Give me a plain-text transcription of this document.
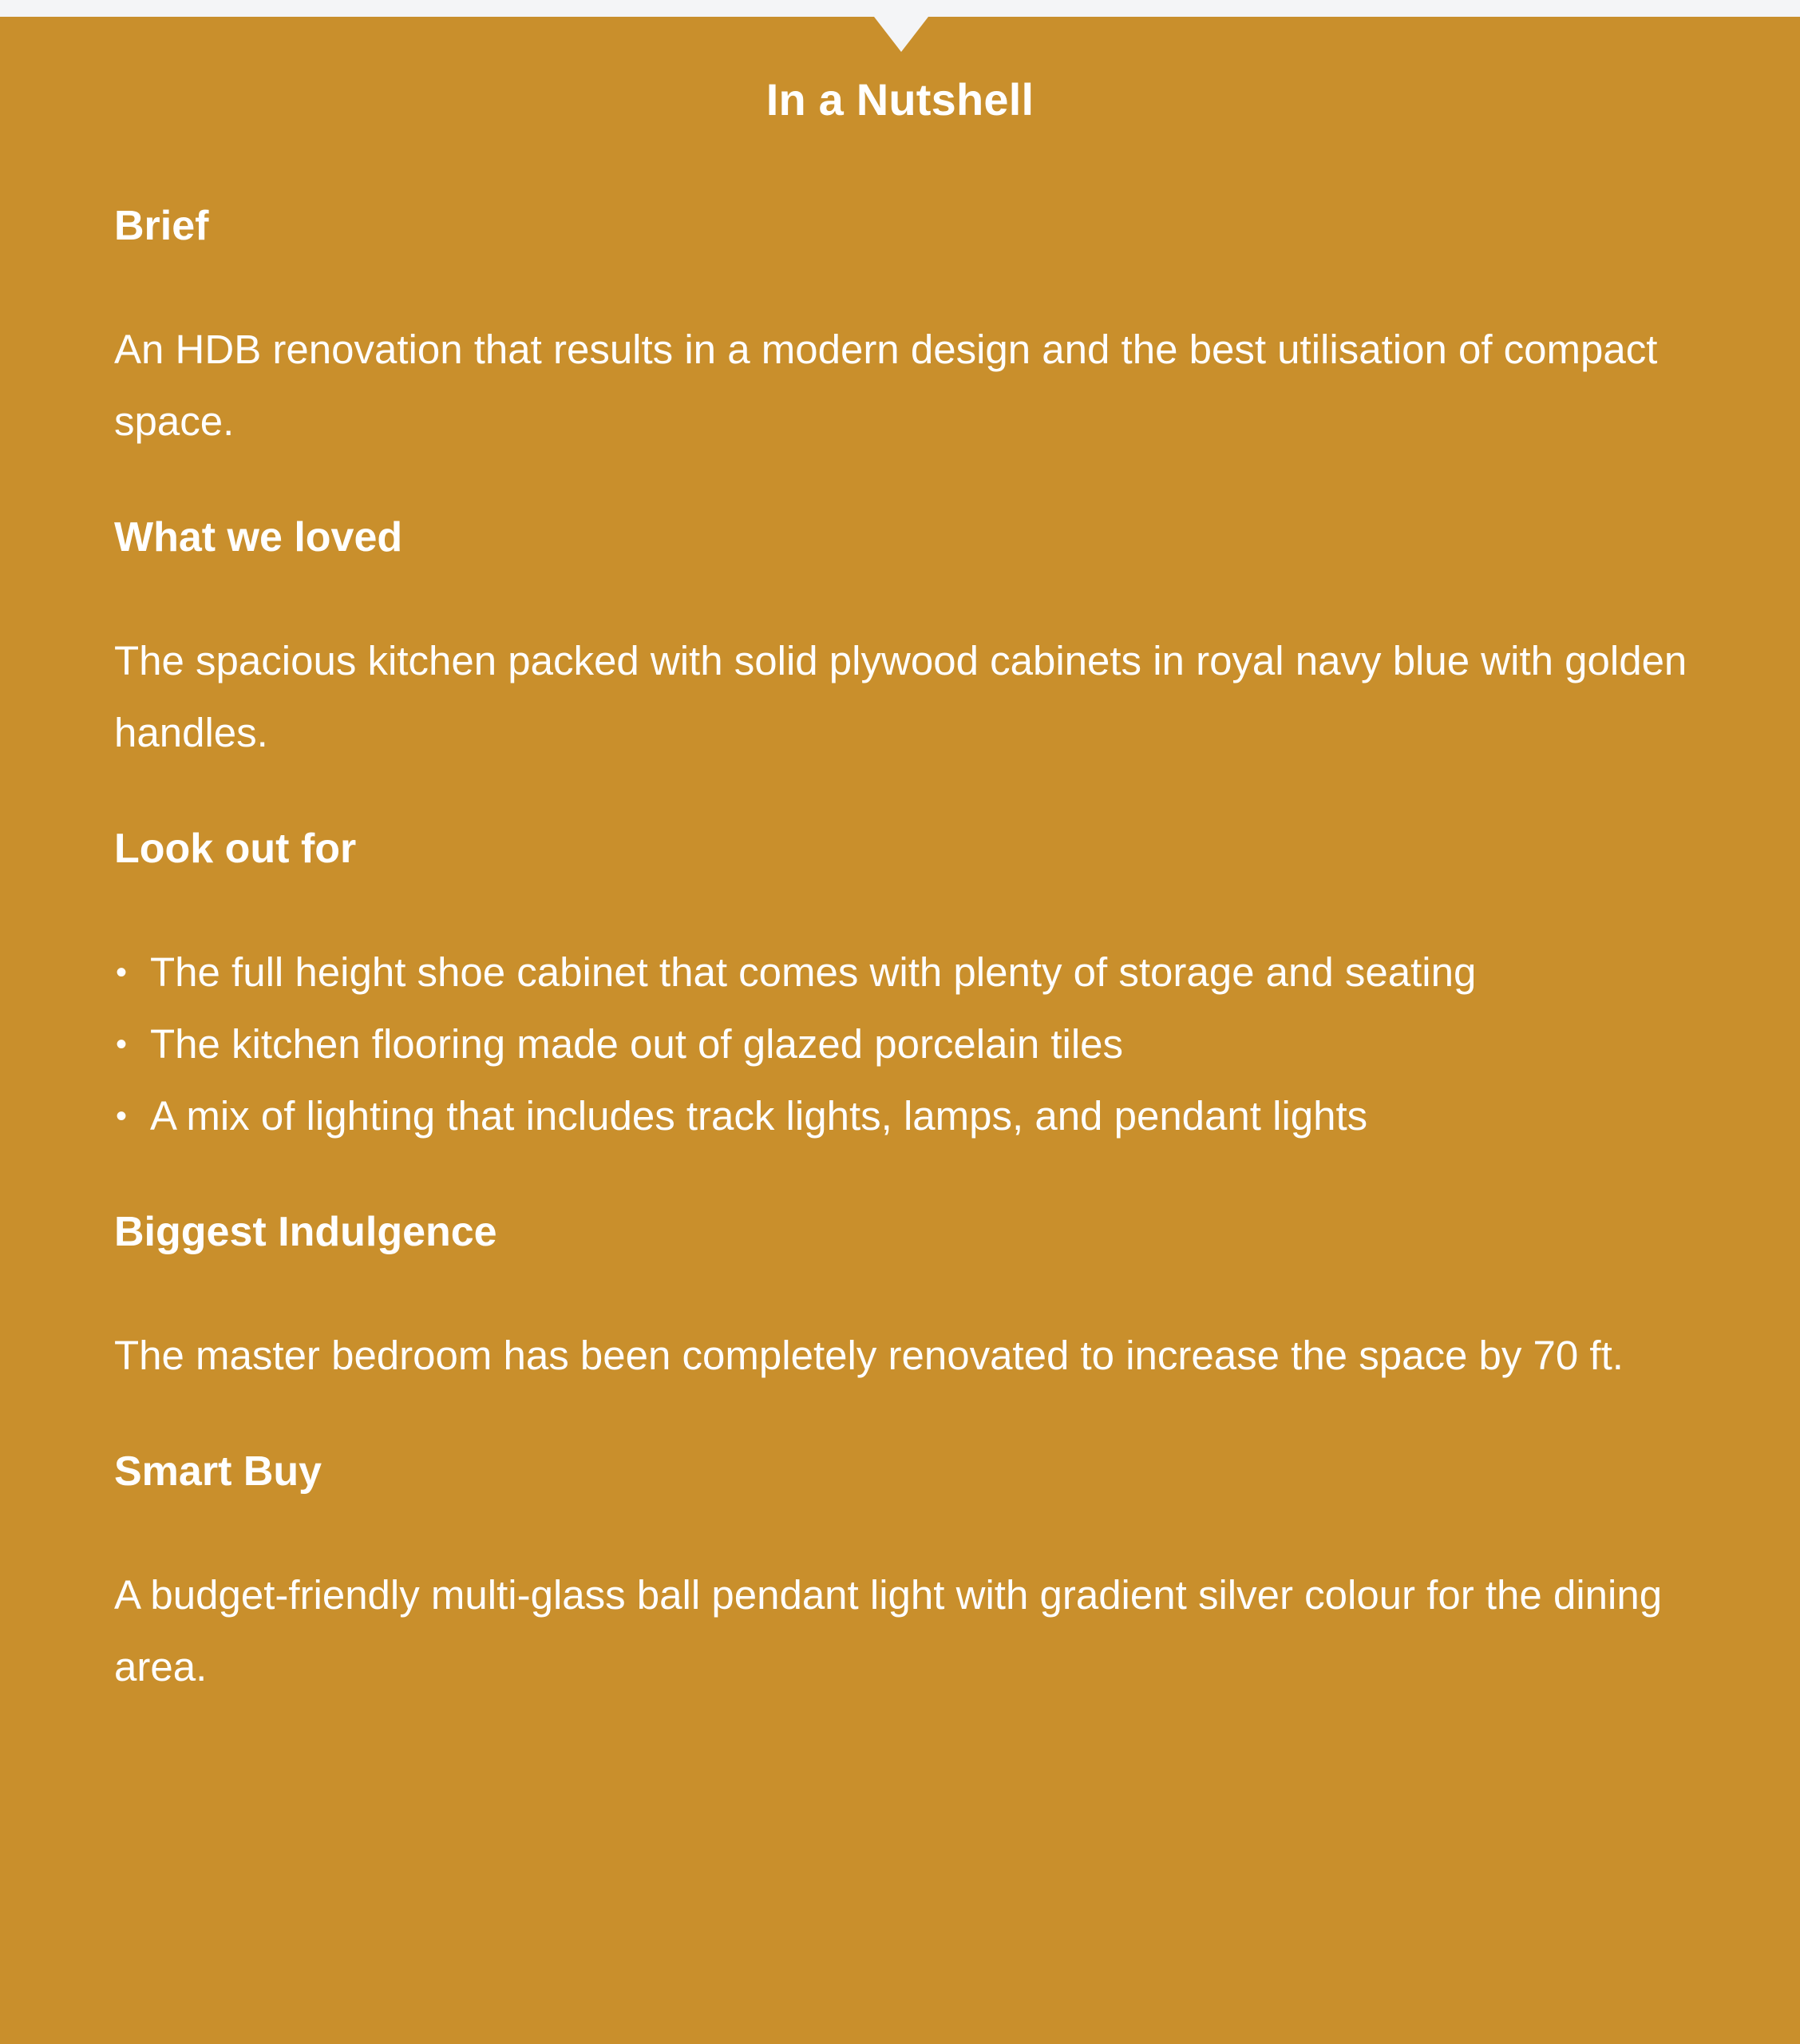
In a Nutshell
Brief

An HDB renovation that results in a modern design and the best utilisation of compact space.

What we loved

The spacious kitchen packed with solid plywood cabinets in royal navy blue with golden handles.

Look out for
• The full height shoe cabinet that comes with plenty of storage and seating
• The kitchen flooring made out of glazed porcelain tiles
• A mix of lighting that includes track lights, lamps, and pendant lights
Biggest Indulgence

The master bedroom has been completely renovated to increase the space by 70 ft.

Smart Buy

A budget-friendly multi-glass ball pendant light with gradient silver colour for the dining area.
